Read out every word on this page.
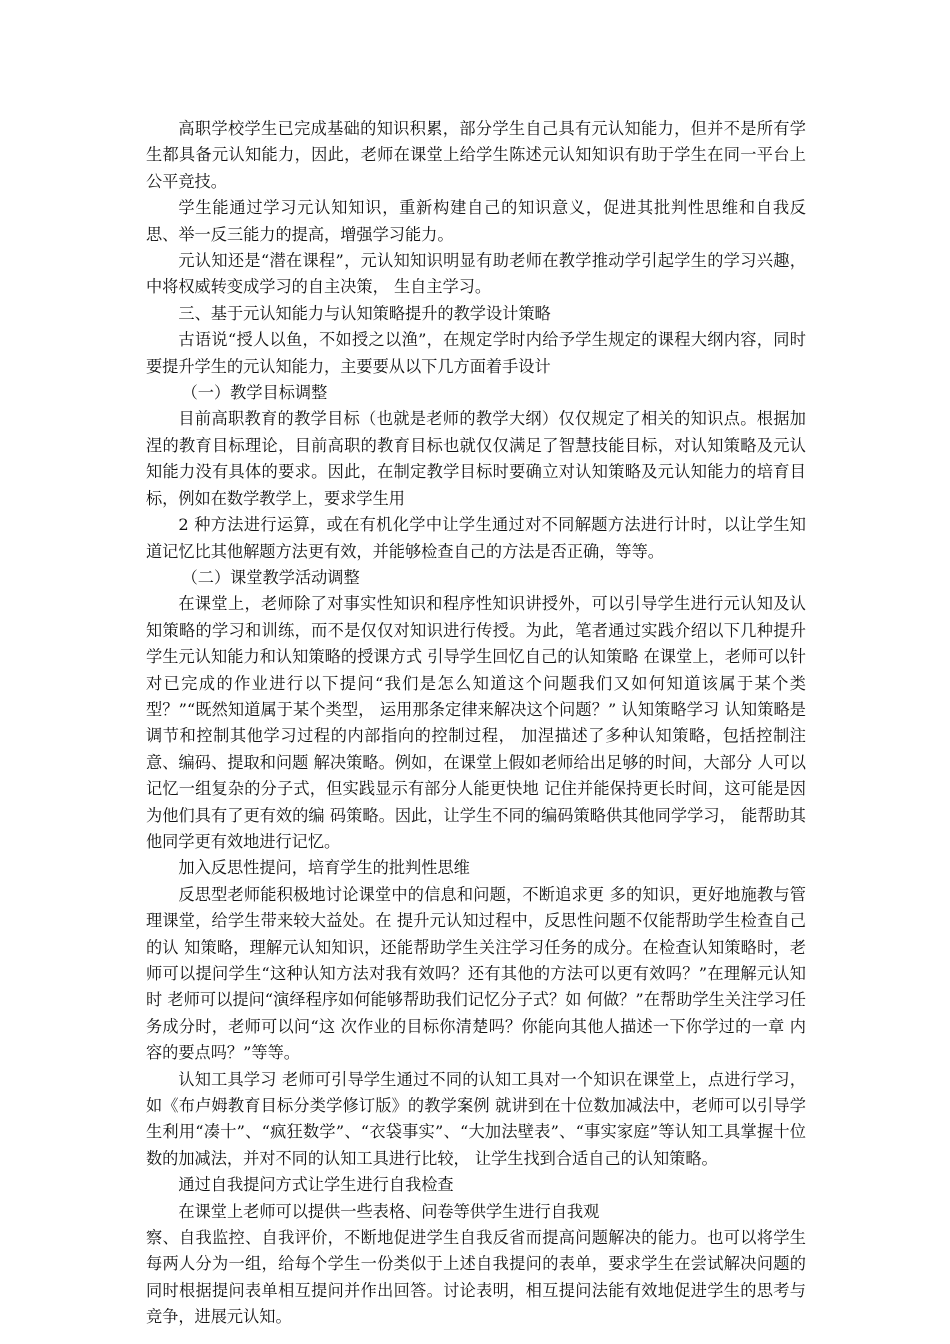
高职学校学生已完成基础的知识积累，部分学生自己具有元认知能力，但并不是所有学生都具备元认知能力，因此，老师在课堂上给学生陈述元认知知识有助于学生在同一平台上公平竞技。

学生能通过学习元认知知识，重新构建自己的知识意义，促进其批判性思维和自我反思、举一反三能力的提高，增强学习能力。

元认知还是“潜在课程”，元认知知识明显有助老师在教学推动学引起学生的学习兴趣，中将权威转变成学习的自主决策， 生自主学习。

三、基于元认知能力与认知策略提升的教学设计策略

古语说“授人以鱼，不如授之以渔”，在规定学时内给予学生规定的课程大纲内容，同时要提升学生的元认知能力，主要要从以下几方面着手设计

（一）教学目标调整

目前高职教育的教学目标（也就是老师的教学大纲）仅仅规定了相关的知识点。根据加涅的教育目标理论，目前高职的教育目标也就仅仅满足了智慧技能目标，对认知策略及元认知能力没有具体的要求。因此，在制定教学目标时要确立对认知策略及元认知能力的培育目标，例如在数学教学上，要求学生用

2 种方法进行运算，或在有机化学中让学生通过对不同解题方法进行计时，以让学生知道记忆比其他解题方法更有效，并能够检查自己的方法是否正确，等等。

（二）课堂教学活动调整

在课堂上，老师除了对事实性知识和程序性知识讲授外，可以引导学生进行元认知及认知策略的学习和训练，而不是仅仅对知识进行传授。为此，笔者通过实践介绍以下几种提升学生元认知能力和认知策略的授课方式 引导学生回忆自己的认知策略 在课堂上，老师可以针对已完成的作业进行以下提问“我们是怎么知道这个问题我们又如何知道该属于某个类型？”“既然知道属于某个类型， 运用那条定律来解决这个问题？” 认知策略学习 认知策略是调节和控制其他学习过程的内部指向的控制过程， 加涅描述了多种认知策略，包括控制注意、编码、提取和问题 解决策略。例如，在课堂上假如老师给出足够的时间，大部分 人可以记忆一组复杂的分子式，但实践显示有部分人能更快地 记住并能保持更长时间，这可能是因为他们具有了更有效的编 码策略。因此，让学生不同的编码策略供其他同学学习， 能帮助其他同学更有效地进行记忆。

加入反思性提问，培育学生的批判性思维

反思型老师能积极地讨论课堂中的信息和问题，不断追求更 多的知识，更好地施教与管理课堂，给学生带来较大益处。在 提升元认知过程中，反思性问题不仅能帮助学生检查自己的认 知策略，理解元认知知识，还能帮助学生关注学习任务的成分。在检查认知策略时，老师可以提问学生“这种认知方法对我有效吗？还有其他的方法可以更有效吗？”在理解元认知时 老师可以提问“演绎程序如何能够帮助我们记忆分子式？如 何做？”在帮助学生关注学习任务成分时，老师可以问“这 次作业的目标你清楚吗？你能向其他人描述一下你学过的一章 内容的要点吗？”等等。

认知工具学习 老师可引导学生通过不同的认知工具对一个知识在课堂上，点进行学习，如《布卢姆教育目标分类学修订版》的教学案例 就讲到在十位数加减法中，老师可以引导学生利用“凑十”、“疯狂数学”、“衣袋事实”、“大加法壁表”、“事实家庭”等认知工具掌握十位数的加减法，并对不同的认知工具进行比较， 让学生找到合适自己的认知策略。

通过自我提问方式让学生进行自我检查

在课堂上老师可以提供一些表格、问卷等供学生进行自我观

察、自我监控、自我评价，不断地促进学生自我反省而提高问题解决的能力。也可以将学生每两人分为一组，给每个学生一份类似于上述自我提问的表单，要求学生在尝试解决问题的同时根据提问表单相互提问并作出回答。讨论表明，相互提问法能有效地促进学生的思考与竞争，进展元认知。
